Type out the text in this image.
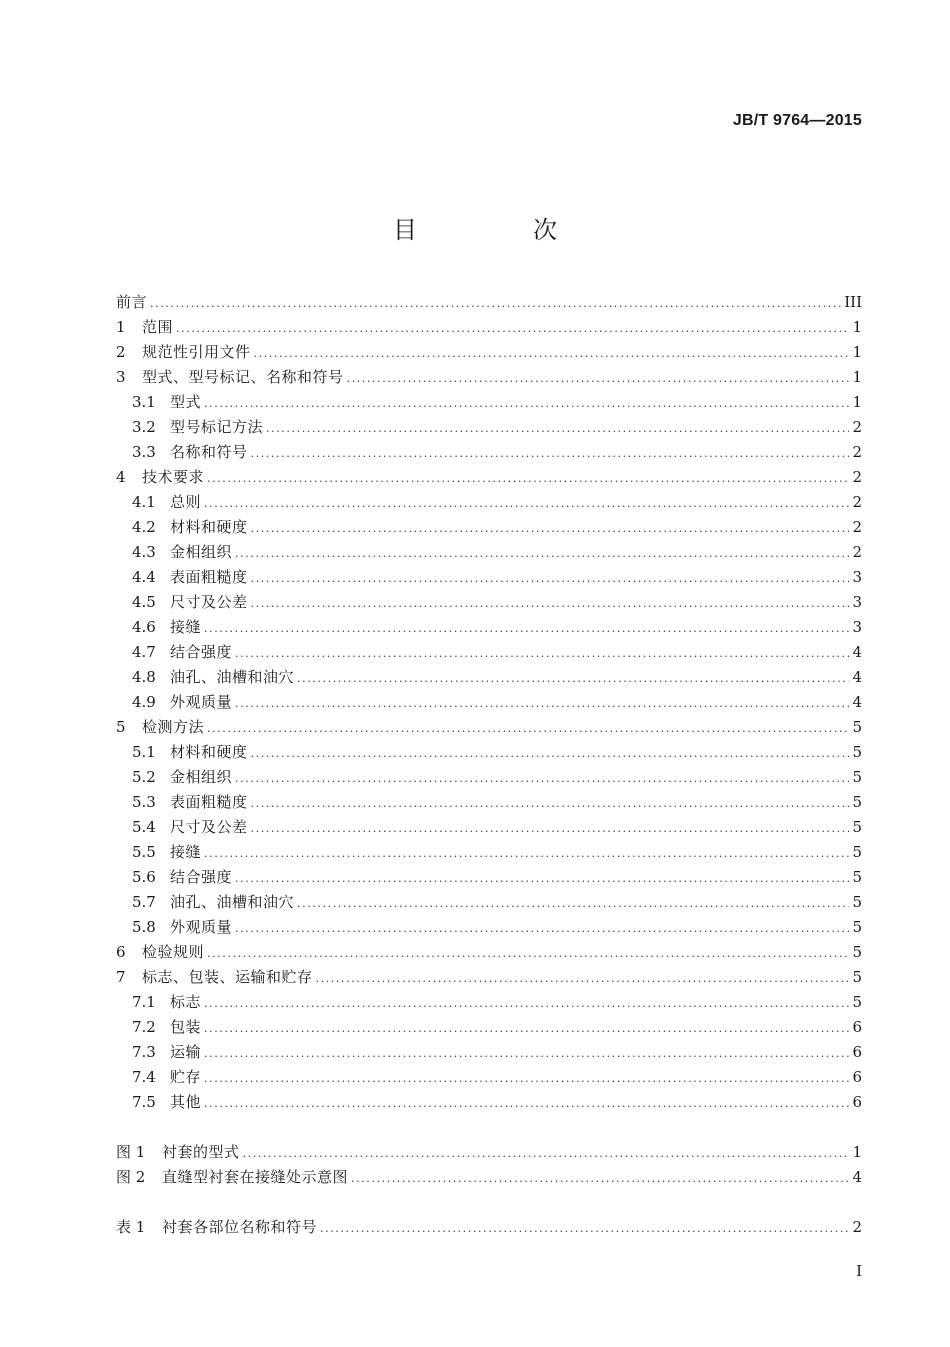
JB/T 9764—2015
目　次
前言 .....	III
1	范围 .....	1
2	规范性引用文件 .....	1
3	型式、型号标记、名称和符号 .....	1
3.1 型式 .....	1
3.2 型号标记方法 .....	2
3.3 名称和符号 .....	2
4	技术要求 .....	2
4.1 总则 .....	2
4.2 材料和硬度 .....	2
4.3 金相组织 .....	2
4.4 表面粗糙度 .....	3
4.5 尺寸及公差 .....	3
4.6 接缝 .....	3
4.7 结合强度 .....	4
4.8 油孔、油槽和油穴 .....	4
4.9 外观质量 .....	4
5	检测方法 .....	5
5.1 材料和硬度 .....	5
5.2 金相组织 .....	5
5.3 表面粗糙度 .....	5
5.4 尺寸及公差 .....	5
5.5 接缝 .....	5
5.6 结合强度 .....	5
5.7 油孔、油槽和油穴 .....	5
5.8 外观质量 .....	5
6	检验规则 .....	5
7	标志、包装、运输和贮存 .....	5
7.1 标志 .....	5
7.2 包装 .....	6
7.3 运输 .....	6
7.4 贮存 .....	6
7.5 其他 .....	6
图 1	衬套的型式 .....	1
图 2	直缝型衬套在接缝处示意图 .....	4
表 1	衬套各部位名称和符号 .....	2
I
